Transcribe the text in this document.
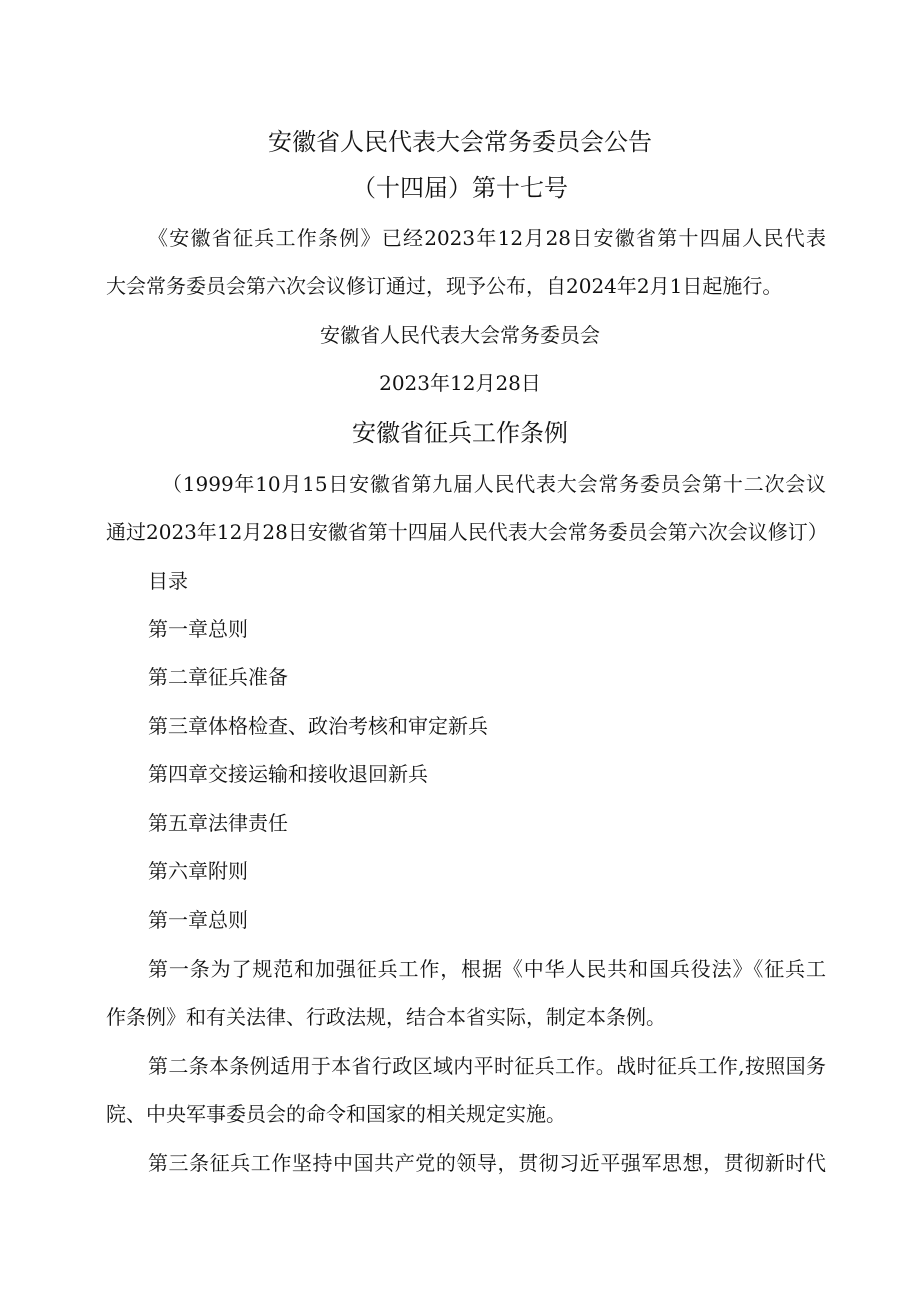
安徽省人民代表大会常务委员会公告
（十四届）第十七号
《安徽省征兵工作条例》已经2023年12月28日安徽省第十四届人民代表
大会常务委员会第六次会议修订通过，现予公布，自2024年2月1日起施行。
安徽省人民代表大会常务委员会
2023年12月28日
安徽省征兵工作条例
（1999年10月15日安徽省第九届人民代表大会常务委员会第十二次会议
通过2023年12月28日安徽省第十四届人民代表大会常务委员会第六次会议修订）
目录
第一章总则
第二章征兵准备
第三章体格检查、政治考核和审定新兵
第四章交接运输和接收退回新兵
第五章法律责任
第六章附则
第一章总则
第一条为了规范和加强征兵工作，根据《中华人民共和国兵役法》《征兵工
作条例》和有关法律、行政法规，结合本省实际，制定本条例。
第二条本条例适用于本省行政区域内平时征兵工作。战时征兵工作,按照国务
院、中央军事委员会的命令和国家的相关规定实施。
第三条征兵工作坚持中国共产党的领导，贯彻习近平强军思想，贯彻新时代
